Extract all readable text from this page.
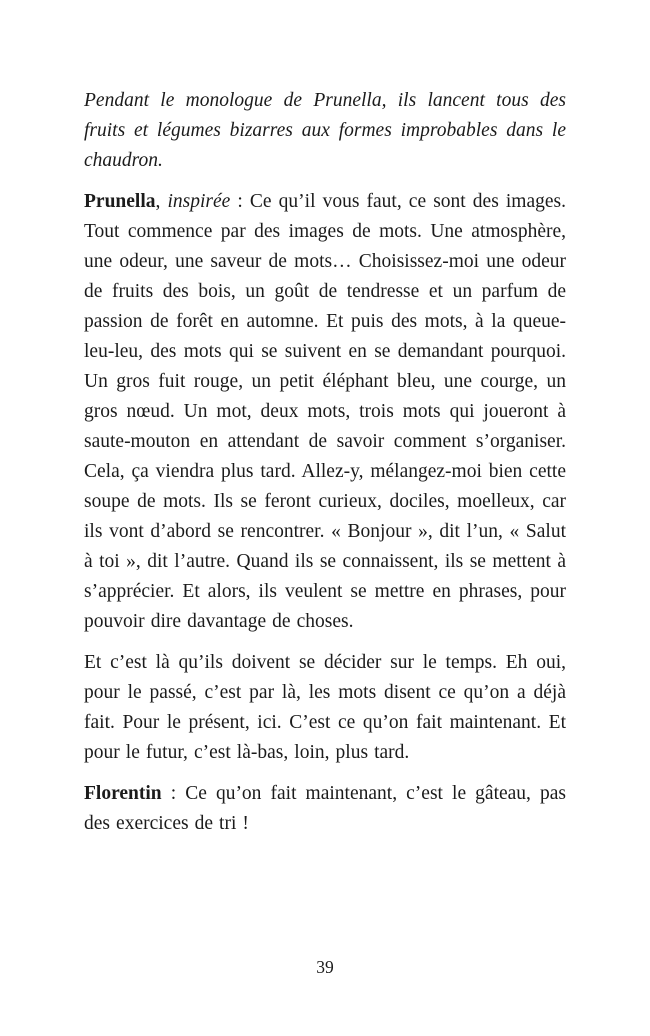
Pendant le monologue de Prunella, ils lancent tous des fruits et légumes bizarres aux formes improbables dans le chaudron.

Prunella, inspirée : Ce qu’il vous faut, ce sont des images. Tout commence par des images de mots. Une atmosphère, une odeur, une saveur de mots… Choisissez-moi une odeur de fruits des bois, un goût de tendresse et un parfum de passion de forêt en automne. Et puis des mots, à la queue-leu-leu, des mots qui se suivent en se demandant pourquoi. Un gros fuit rouge, un petit éléphant bleu, une courge, un gros nœud. Un mot, deux mots, trois mots qui joueront à saute-mouton en attendant de savoir comment s’organiser. Cela, ça viendra plus tard. Allez-y, mélangez-moi bien cette soupe de mots. Ils se feront curieux, dociles, moelleux, car ils vont d’abord se rencontrer. « Bonjour », dit l’un, « Salut à toi », dit l’autre. Quand ils se connaissent, ils se mettent à s’apprécier. Et alors, ils veulent se mettre en phrases, pour pouvoir dire davantage de choses.

Et c’est là qu’ils doivent se décider sur le temps. Eh oui, pour le passé, c’est par là, les mots disent ce qu’on a déjà fait. Pour le présent, ici. C’est ce qu’on fait maintenant. Et pour le futur, c’est là-bas, loin, plus tard.

Florentin : Ce qu’on fait maintenant, c’est le gâteau, pas des exercices de tri !

39
